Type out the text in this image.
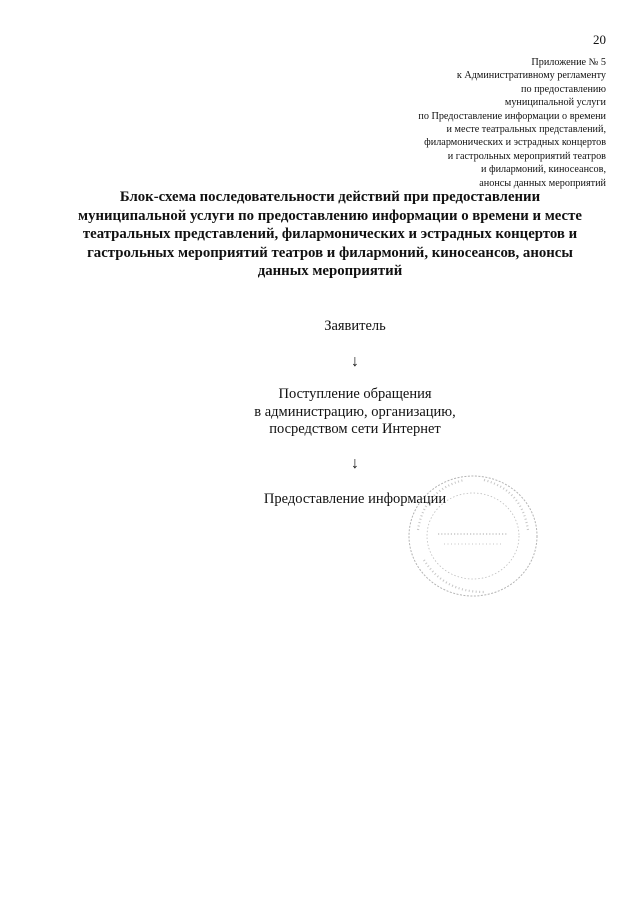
20
Приложение № 5
к Административному регламенту
по предоставлению
муниципальной услуги
по Предоставление информации о времени
и месте театральных представлений,
филармонических и эстрадных концертов
и гастрольных мероприятий театров
и филармоний, киносеансов,
анонсы данных мероприятий
Блок-схема последовательности действий при предоставлении
муниципальной услуги по предоставлению информации о времени и месте
театральных представлений, филармонических и эстрадных концертов и
гастрольных мероприятий театров и филармоний, киносеансов, анонсы
данных мероприятий
Заявитель
↓
Поступление обращения
в администрацию, организацию,
посредством сети Интернет
↓
Предоставление информации
